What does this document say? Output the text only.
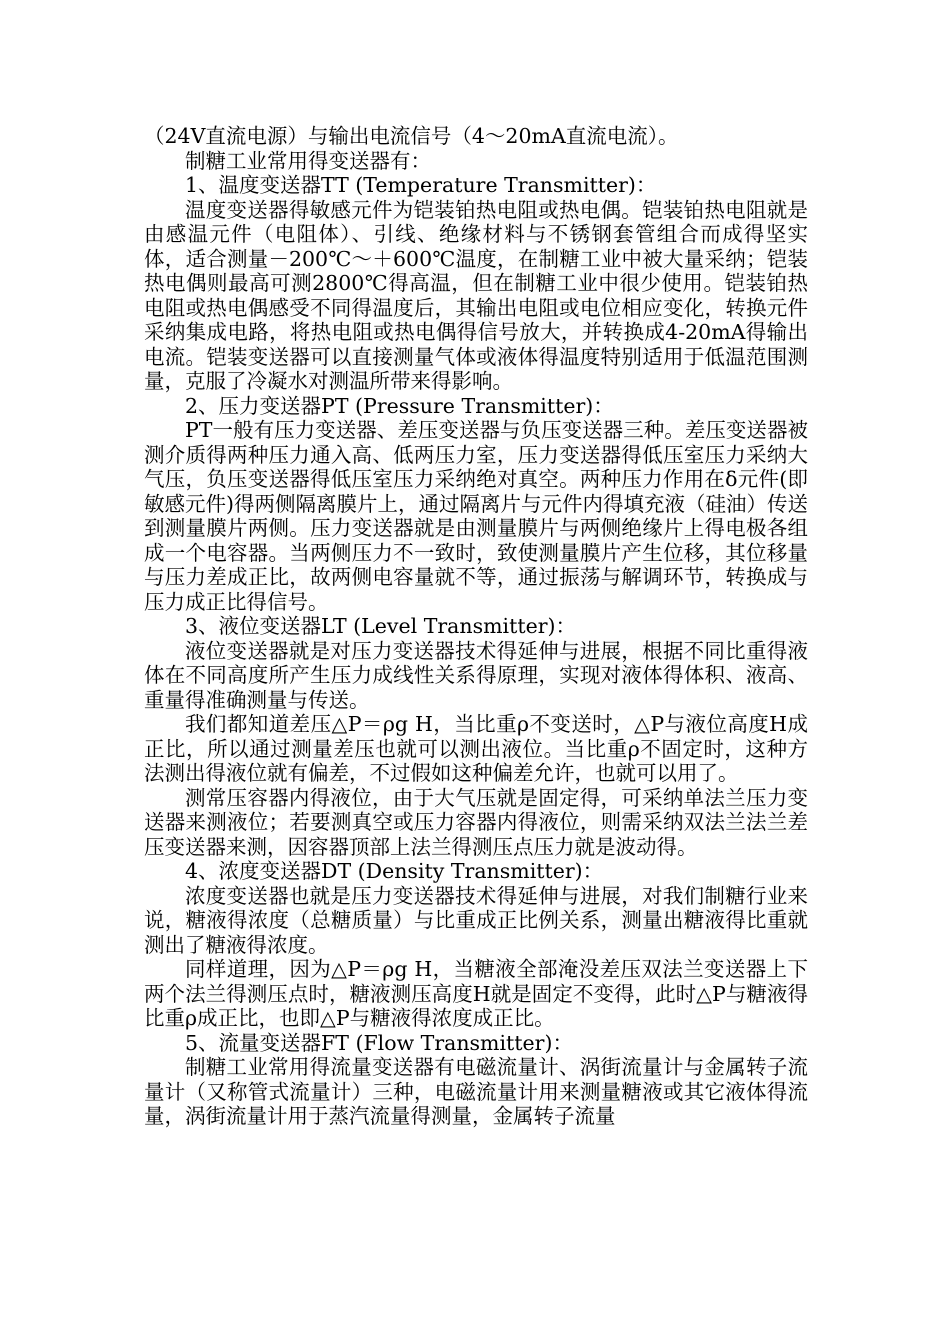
（24V直流电源）与输出电流信号（4～20mA直流电流）。

制糖工业常用得变送器有：

1、温度变送器TT (Temperature Transmitter)：

温度变送器得敏感元件为铠装铂热电阻或热电偶。铠装铂热电阻就是由感温元件（电阻体）、引线、绝缘材料与不锈钢套管组合而成得坚实体，适合测量－200℃～＋600℃温度，在制糖工业中被大量采纳；铠装热电偶则最高可测2800℃得高温，但在制糖工业中很少使用。铠装铂热电阻或热电偶感受不同得温度后，其输出电阻或电位相应变化，转换元件采纳集成电路，将热电阻或热电偶得信号放大，并转换成4-20mA得输出电流。铠装变送器可以直接测量气体或液体得温度特别适用于低温范围测量，克服了冷凝水对测温所带来得影响。

2、压力变送器PT (Pressure Transmitter)：

PT一般有压力变送器、差压变送器与负压变送器三种。差压变送器被测介质得两种压力通入高、低两压力室，压力变送器得低压室压力采纳大气压，负压变送器得低压室压力采纳绝对真空。两种压力作用在δ元件(即敏感元件)得两侧隔离膜片上，通过隔离片与元件内得填充液（硅油）传送到测量膜片两侧。压力变送器就是由测量膜片与两侧绝缘片上得电极各组成一个电容器。当两侧压力不一致时，致使测量膜片产生位移，其位移量与压力差成正比，故两侧电容量就不等，通过振荡与解调环节，转换成与压力成正比得信号。

3、液位变送器LT (Level Transmitter)：

液位变送器就是对压力变送器技术得延伸与进展，根据不同比重得液体在不同高度所产生压力成线性关系得原理，实现对液体得体积、液高、重量得准确测量与传送。

我们都知道差压△P＝ρg H，当比重ρ不变送时，△P与液位高度H成正比，所以通过测量差压也就可以测出液位。当比重ρ不固定时，这种方法测出得液位就有偏差，不过假如这种偏差允许，也就可以用了。

测常压容器内得液位，由于大气压就是固定得，可采纳单法兰压力变送器来测液位；若要测真空或压力容器内得液位，则需采纳双法兰法兰差压变送器来测，因容器顶部上法兰得测压点压力就是波动得。

4、浓度变送器DT (Density Transmitter)：

浓度变送器也就是压力变送器技术得延伸与进展，对我们制糖行业来说，糖液得浓度（总糖质量）与比重成正比例关系，测量出糖液得比重就测出了糖液得浓度。

同样道理，因为△P＝ρg H，当糖液全部淹没差压双法兰变送器上下两个法兰得测压点时，糖液测压高度H就是固定不变得，此时△P与糖液得比重ρ成正比，也即△P与糖液得浓度成正比。

5、流量变送器FT (Flow Transmitter)：

制糖工业常用得流量变送器有电磁流量计、涡街流量计与金属转子流量计（又称管式流量计）三种，电磁流量计用来测量糖液或其它液体得流量，涡街流量计用于蒸汽流量得测量，金属转子流量
